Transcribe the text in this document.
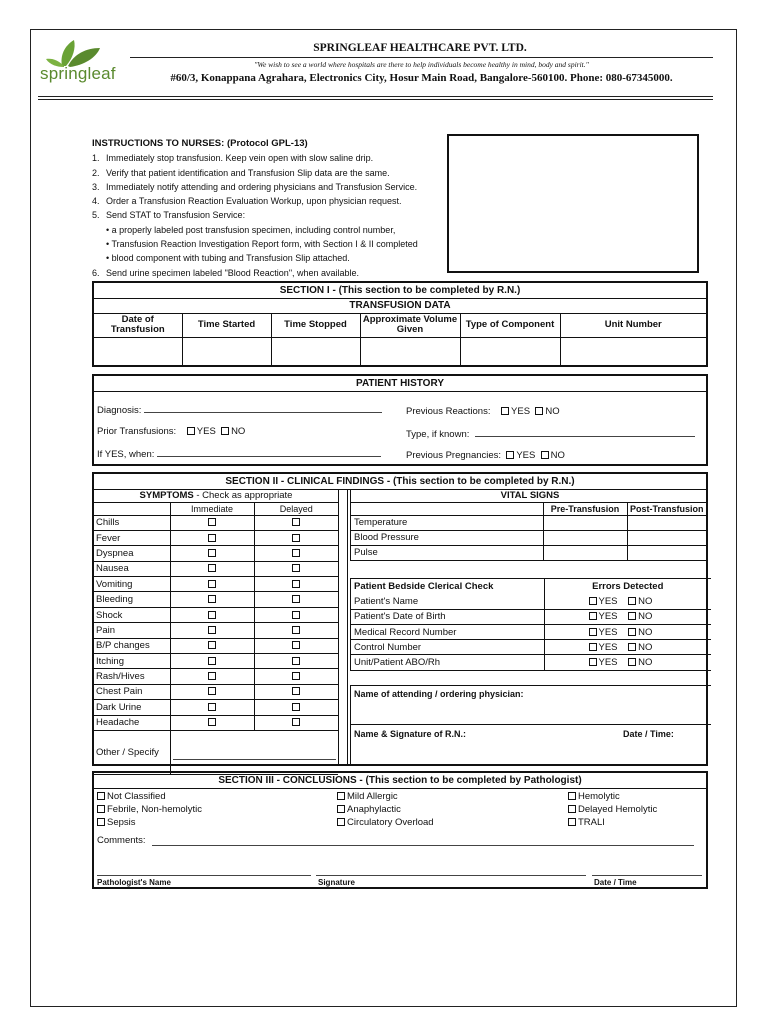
springleaf
SPRINGLEAF HEALTHCARE PVT. LTD.
"We wish to see a world where hospitals are there to help individuals become healthy in mind, body and spirit."
#60/3, Konappana Agrahara, Electronics City, Hosur Main Road, Bangalore-560100. Phone: 080-67345000.
INSTRUCTIONS TO NURSES: (Protocol GPL-13)
1. Immediately stop transfusion. Keep vein open with slow saline drip.
2. Verify that patient identification and Transfusion Slip data are the same.
3. Immediately notify attending and ordering physicians and Transfusion Service.
4. Order a Transfusion Reaction Evaluation Workup, upon physician request.
5. Send STAT to Transfusion Service:
• a properly labeled post transfusion specimen, including control number,
• Transfusion Reaction Investigation Report form, with Section I & II completed
• blood component with tubing and Transfusion Slip attached.
6. Send urine specimen labeled "Blood Reaction", when available.
SECTION I - (This section to be completed by R.N.)
TRANSFUSION DATA
Date of Transfusion	Time Started	Time Stopped	Approximate Volume Given	Type of Component	Unit Number

PATIENT HISTORY
Diagnosis:
Prior Transfusions: YES NO
If YES, when:
Previous Reactions: YES NO
Type, if known:
Previous Pregnancies: YES NO
SECTION II - CLINICAL FINDINGS - (This section to be completed by R.N.)
SYMPTOMS - Check as appropriate		
	Immediate	Delayed
Chills		
Fever		
Dyspnea		
Nausea		
Vomiting		
Bleeding		
Shock		
Pain		
B/P changes		
Itching		
Rash/Hives		
Chest Pain		
Dark Urine		
Headache		
Other / Specify		
VITAL SIGNS		
	Pre-Transfusion	Post-Transfusion
Temperature		
Blood Pressure		
Pulse		
Patient Bedside Clerical Check	Errors Detected
Patient's Name	YES NO
Patient's Date of Birth	YES NO
Medical Record Number	YES NO
Control Number	YES NO
Unit/Patient ABO/Rh	YES NO
Name of attending / ordering physician:
Name & Signature of R.N.:	Date / Time:
SECTION III - CONCLUSIONS - (This section to be completed by Pathologist)
Not Classified
Febrile, Non-hemolytic
Sepsis
Mild Allergic
Anaphylactic
Circulatory Overload
Hemolytic
Delayed Hemolytic
TRALI
Comments:
Pathologist's Name	Signature	Date / Time
